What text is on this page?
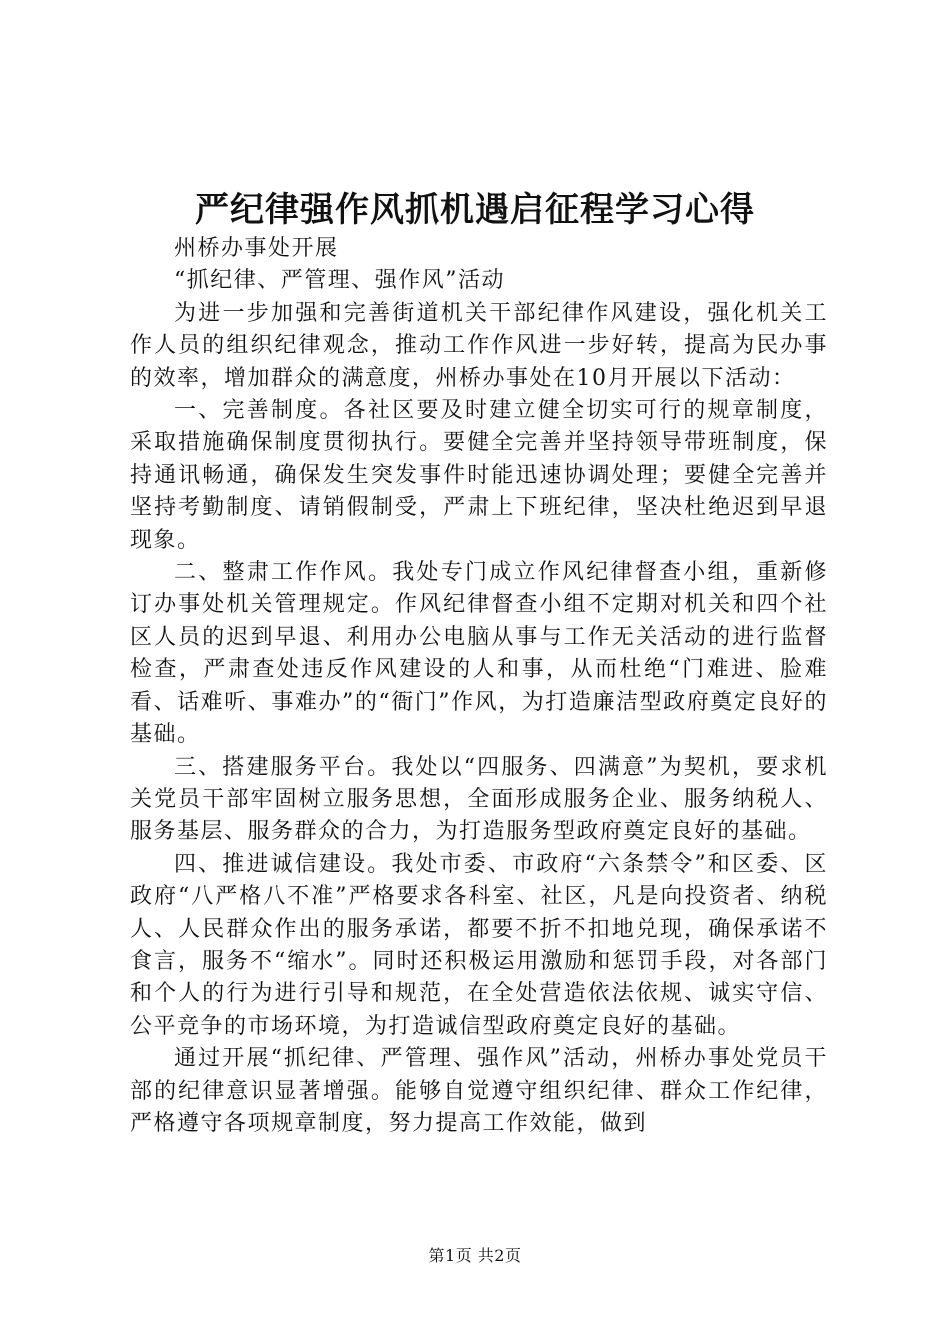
严纪律强作风抓机遇启征程学习心得

州桥办事处开展

“抓纪律、严管理、强作风”活动

为进一步加强和完善街道机关干部纪律作风建设，强化机关工作人员的组织纪律观念，推动工作作风进一步好转，提高为民办事的效率，增加群众的满意度，州桥办事处在10月开展以下活动：

一、完善制度。各社区要及时建立健全切实可行的规章制度，采取措施确保制度贯彻执行。要健全完善并坚持领导带班制度，保持通讯畅通，确保发生突发事件时能迅速协调处理；要健全完善并坚持考勤制度、请销假制受，严肃上下班纪律，坚决杜绝迟到早退现象。

二、整肃工作作风。我处专门成立作风纪律督查小组，重新修订办事处机关管理规定。作风纪律督查小组不定期对机关和四个社区人员的迟到早退、利用办公电脑从事与工作无关活动的进行监督检查，严肃查处违反作风建设的人和事，从而杜绝“门难进、脸难看、话难听、事难办”的“衙门”作风，为打造廉洁型政府奠定良好的基础。

三、搭建服务平台。我处以“四服务、四满意”为契机，要求机关党员干部牢固树立服务思想，全面形成服务企业、服务纳税人、服务基层、服务群众的合力，为打造服务型政府奠定良好的基础。

四、推进诚信建设。我处市委、市政府“六条禁令”和区委、区政府“八严格八不准”严格要求各科室、社区，凡是向投资者、纳税人、人民群众作出的服务承诺，都要不折不扣地兑现，确保承诺不食言，服务不“缩水”。同时还积极运用激励和惩罚手段，对各部门和个人的行为进行引导和规范，在全处营造依法依规、诚实守信、公平竞争的市场环境，为打造诚信型政府奠定良好的基础。

通过开展“抓纪律、严管理、强作风”活动，州桥办事处党员干部的纪律意识显著增强。能够自觉遵守组织纪律、群众工作纪律，严格遵守各项规章制度，努力提高工作效能，做到

第1页 共2页
